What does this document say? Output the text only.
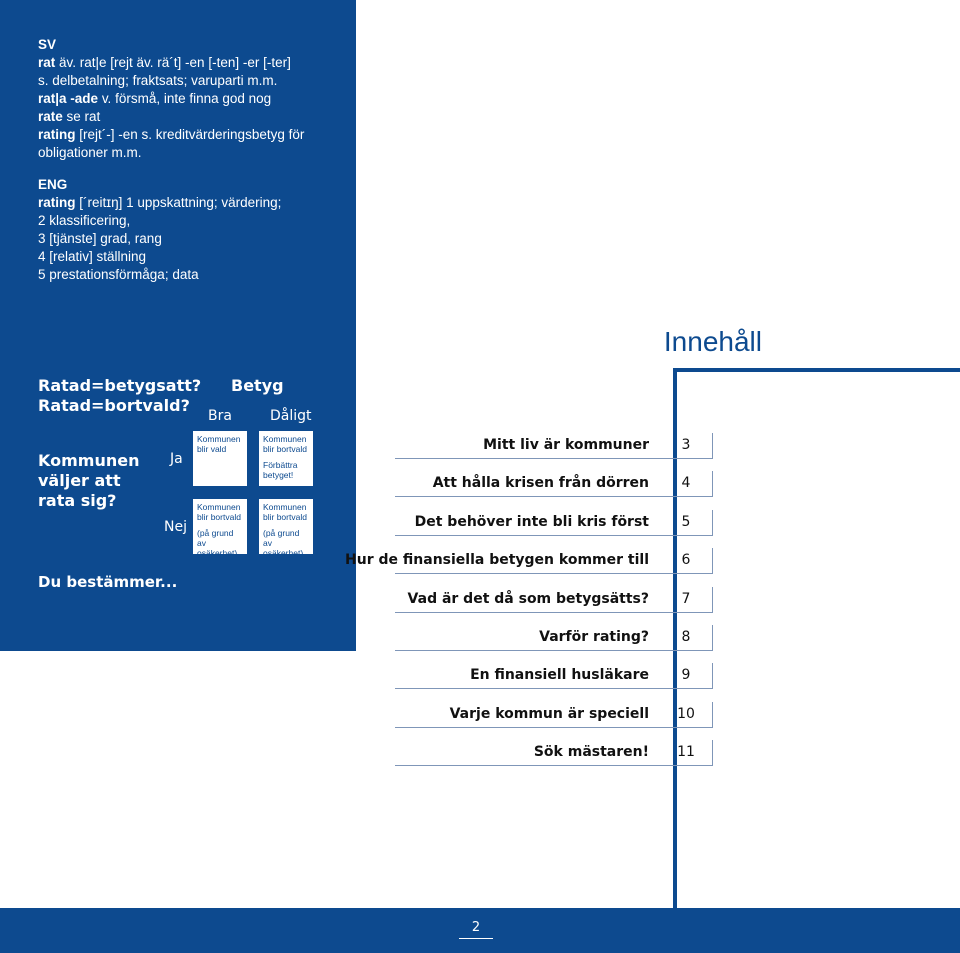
SV
rat äv. rat|e [rejt äv. rä´t] -en [-ten] -er [-ter]
s. delbetalning; fraktsats; varuparti m.m.
rat|a -ade v. försmå, inte finna god nog
rate se rat
rating [rejt´-] -en s. kreditvärderingsbetyg för
obligationer m.m.
ENG
rating [´reitɪŋ] 1 uppskattning; värdering;
2 klassificering,
3 [tjänste] grad, rang
4 [relativ] ställning
5 prestationsförmåga; data
Ratad=betygsatt?
Ratad=bortvald?
Betyg
Bra	Dåligt
Kommunen
väljer att
rata sig?
Ja
Nej
Kommunen blir vald
Kommunen blir bortvald
Förbättra betyget!
Kommunen blir bortvald
(på grund av osäkerhet)
Kommunen blir bortvald
(på grund av osäkerhet)
Du bestämmer...
Innehåll
Mitt liv är kommuner	3
Att hålla krisen från dörren	4
Det behöver inte bli kris först	5
Hur de finansiella betygen kommer till	6
Vad är det då som betygsätts?	7
Varför rating?	8
En finansiell husläkare	9
Varje kommun är speciell	10
Sök mästaren!	11
2
